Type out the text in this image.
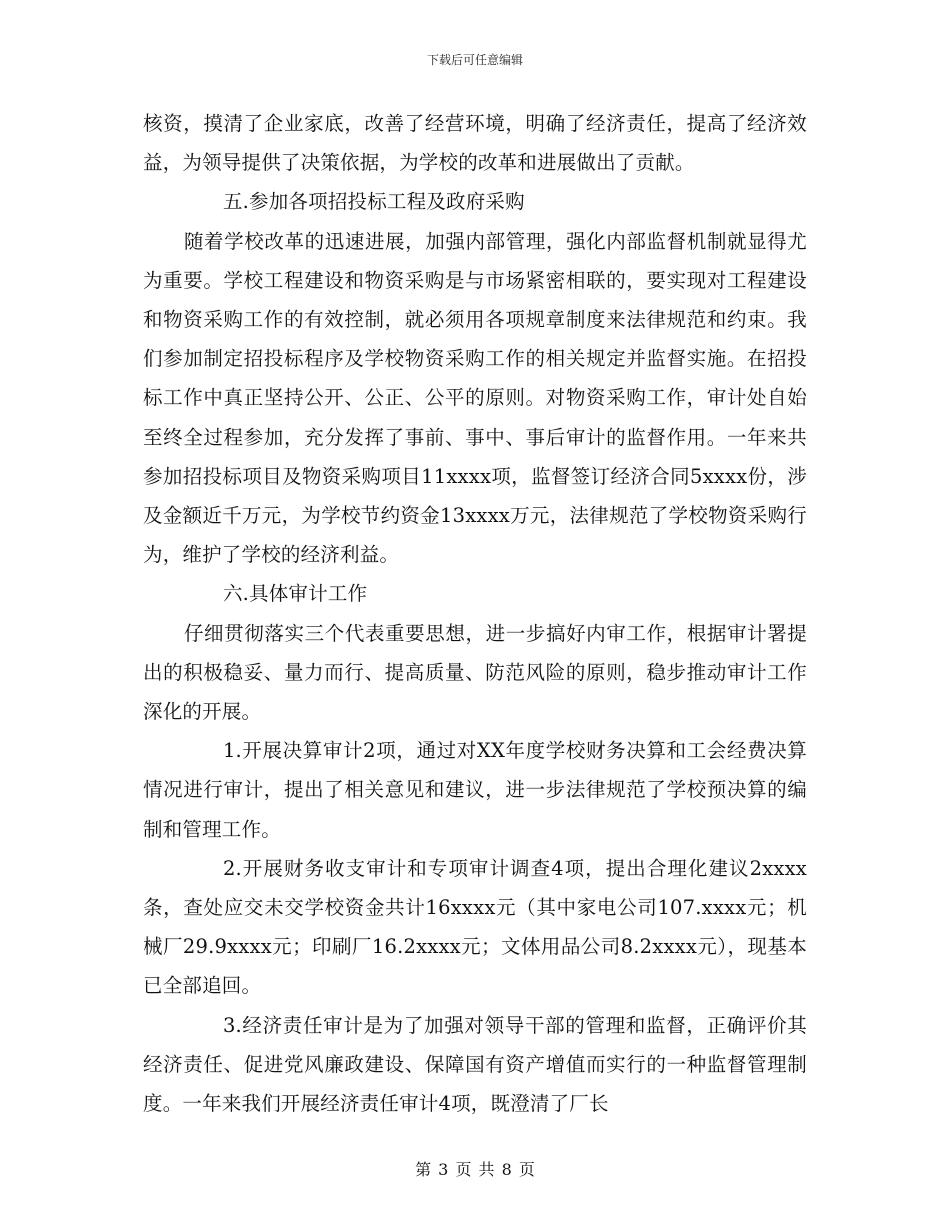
下载后可任意编辑

核资，摸清了企业家底，改善了经营环境，明确了经济责任，提高了经济效益，为领导提供了决策依据，为学校的改革和进展做出了贡献。

五.参加各项招投标工程及政府采购

随着学校改革的迅速进展，加强内部管理，强化内部监督机制就显得尤为重要。学校工程建设和物资采购是与市场紧密相联的，要实现对工程建设和物资采购工作的有效控制，就必须用各项规章制度来法律规范和约束。我们参加制定招投标程序及学校物资采购工作的相关规定并监督实施。在招投标工作中真正坚持公开、公正、公平的原则。对物资采购工作，审计处自始至终全过程参加，充分发挥了事前、事中、事后审计的监督作用。一年来共参加招投标项目及物资采购项目11xxxx项，监督签订经济合同5xxxx份，涉及金额近千万元，为学校节约资金13xxxx万元，法律规范了学校物资采购行为，维护了学校的经济利益。

六.具体审计工作

仔细贯彻落实三个代表重要思想，进一步搞好内审工作，根据审计署提出的积极稳妥、量力而行、提高质量、防范风险的原则，稳步推动审计工作深化的开展。

1.开展决算审计2项，通过对XX年度学校财务决算和工会经费决算情况进行审计，提出了相关意见和建议，进一步法律规范了学校预决算的编制和管理工作。

2.开展财务收支审计和专项审计调查4项，提出合理化建议2xxxx条，查处应交未交学校资金共计16xxxx元（其中家电公司107.xxxx元；机械厂29.9xxxx元；印刷厂16.2xxxx元；文体用品公司8.2xxxx元），现基本已全部追回。

3.经济责任审计是为了加强对领导干部的管理和监督，正确评价其经济责任、促进党风廉政建设、保障国有资产增值而实行的一种监督管理制度。一年来我们开展经济责任审计4项，既澄清了厂长

第 3 页 共 8 页
